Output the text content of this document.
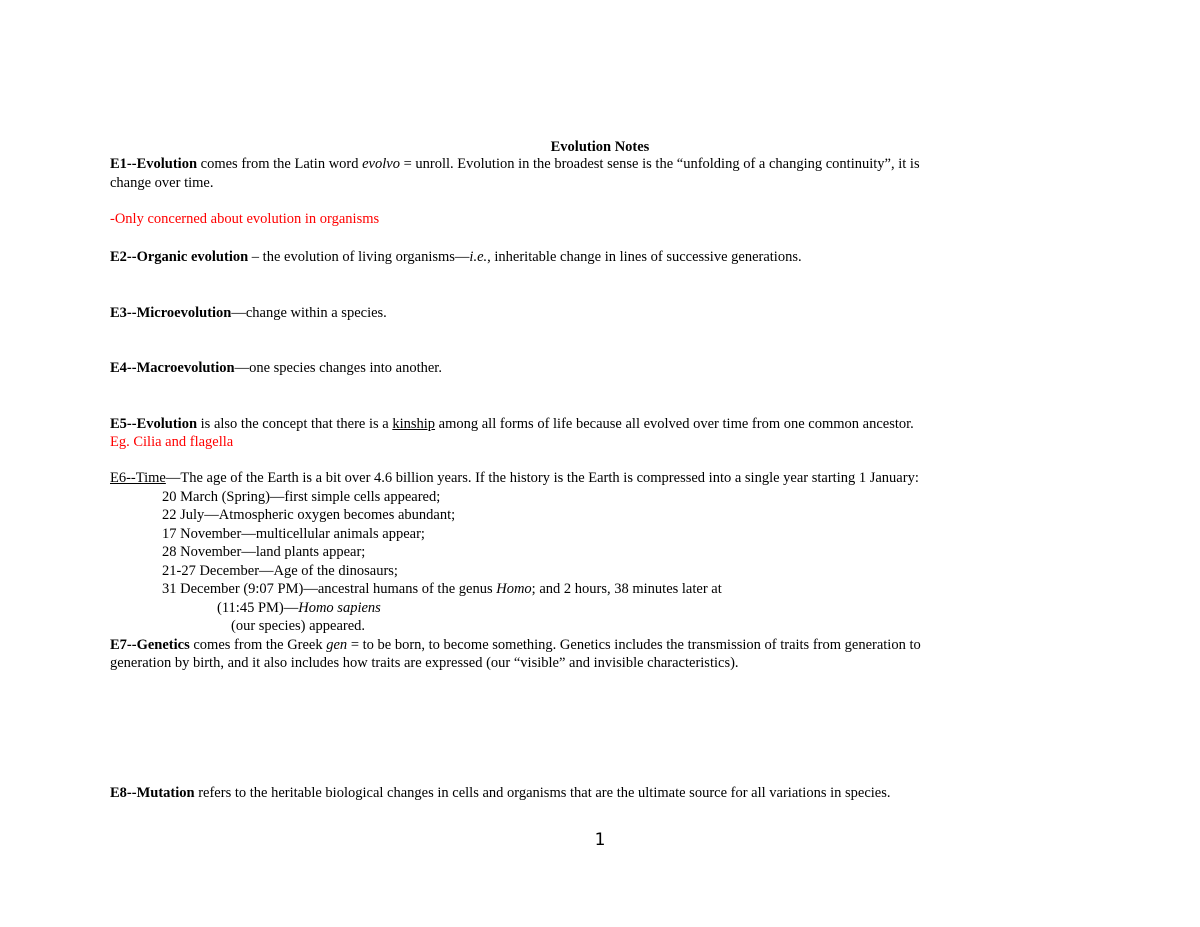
Evolution Notes
E1--Evolution comes from the Latin word evolvo = unroll. Evolution in the broadest sense is the “unfolding of a changing continuity”, it is
change over time.
-Only concerned about evolution in organisms
E2--Organic evolution – the evolution of living organisms—i.e., inheritable change in lines of successive generations.
E3--Microevolution—change within a species.
E4--Macroevolution—one species changes into another.
E5--Evolution is also the concept that there is a kinship among all forms of life because all evolved over time from one common ancestor.
Eg. Cilia and flagella
E6--Time—The age of the Earth is a bit over 4.6 billion years. If the history is the Earth is compressed into a single year starting 1 January:
20 March (Spring)—first simple cells appeared;
22 July—Atmospheric oxygen becomes abundant;
17 November—multicellular animals appear;
28 November—land plants appear;
21-27 December—Age of the dinosaurs;
31 December (9:07 PM)—ancestral humans of the genus Homo; and 2 hours, 38 minutes later at
(11:45 PM)—Homo sapiens
(our species) appeared.
E7--Genetics comes from the Greek gen = to be born, to become something. Genetics includes the transmission of traits from generation to
generation by birth, and it also includes how traits are expressed (our “visible” and invisible characteristics).
E8--Mutation refers to the heritable biological changes in cells and organisms that are the ultimate source for all variations in species.
1
